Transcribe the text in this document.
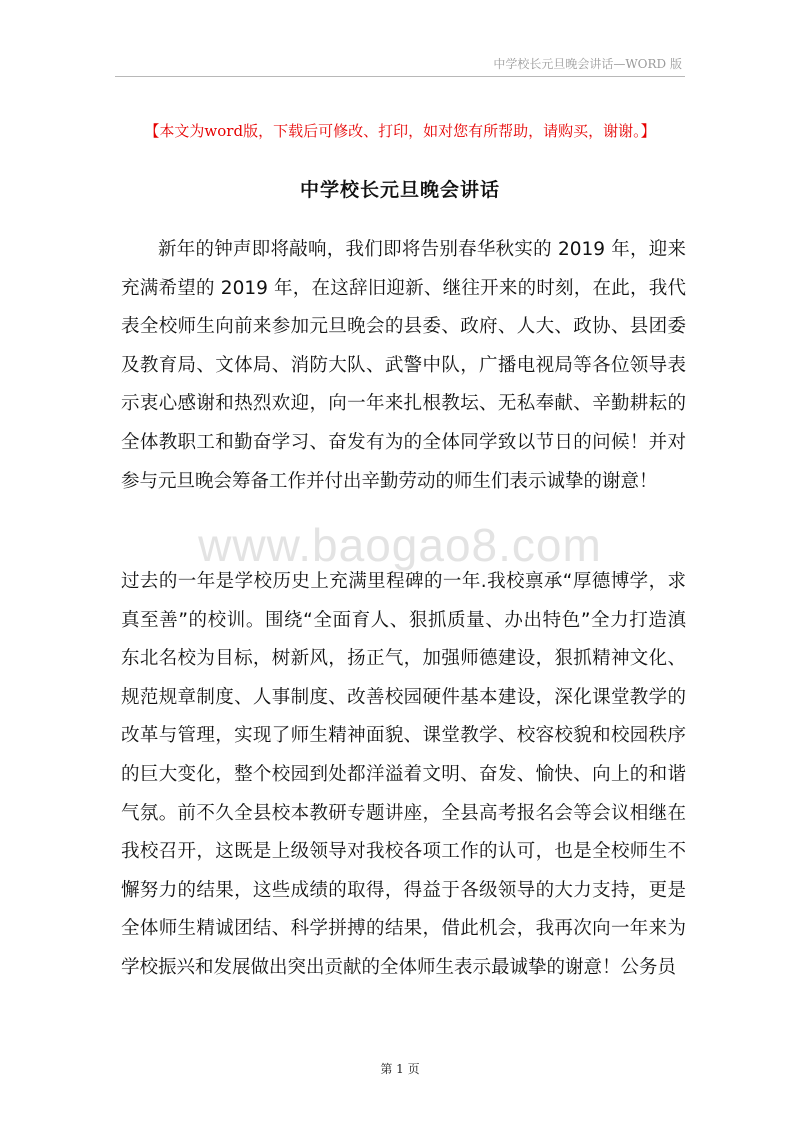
中学校长元旦晚会讲话—WORD 版
【本文为word版，下载后可修改、打印，如对您有所帮助，请购买，谢谢。】
中学校长元旦晚会讲话
www.baogao8.com

新年的钟声即将敲响，我们即将告别春华秋实的 2019 年，迎来充满希望的 2019 年，在这辞旧迎新、继往开来的时刻，在此，我代表全校师生向前来参加元旦晚会的县委、政府、人大、政协、县团委及教育局、文体局、消防大队、武警中队，广播电视局等各位领导表示衷心感谢和热烈欢迎，向一年来扎根教坛、无私奉献、辛勤耕耘的全体教职工和勤奋学习、奋发有为的全体同学致以节日的问候！并对参与元旦晚会筹备工作并付出辛勤劳动的师生们表示诚挚的谢意！

过去的一年是学校历史上充满里程碑的一年.我校禀承“厚德博学，求真至善”的校训。围绕“全面育人、狠抓质量、办出特色”全力打造滇东北名校为目标，树新风，扬正气，加强师德建设，狠抓精神文化、规范规章制度、人事制度、改善校园硬件基本建设，深化课堂教学的改革与管理，实现了师生精神面貌、课堂教学、校容校貌和校园秩序的巨大变化，整个校园到处都洋溢着文明、奋发、愉快、向上的和谐气氛。前不久全县校本教研专题讲座，全县高考报名会等会议相继在我校召开，这既是上级领导对我校各项工作的认可，也是全校师生不懈努力的结果，这些成绩的取得，得益于各级领导的大力支持，更是全体师生精诚团结、科学拼搏的结果，借此机会，我再次向一年来为学校振兴和发展做出突出贡献的全体师生表示最诚挚的谢意！公务员

第 1 页
